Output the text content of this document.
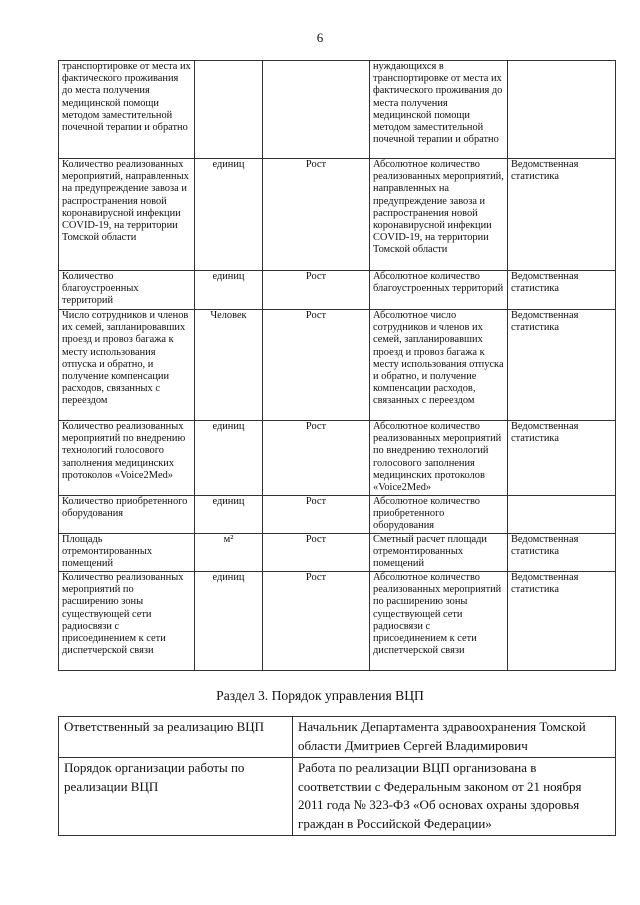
6
транспортировке от места их фактического проживания до места получения медицинской помощи методом заместительной почечной терапии и обратно			нуждающихся в транспортировке от места их фактического проживания до места получения медицинской помощи методом заместительной почечной терапии и обратно	
Количество реализованных мероприятий, направленных на предупреждение завоза и распространения новой коронавирусной инфекции COVID-19, на территории Томской области	единиц	Рост	Абсолютное количество реализованных мероприятий, направленных на предупреждение завоза и распространения новой коронавирусной инфекции COVID-19, на территории Томской области	Ведомственная статистика
Количество благоустроенных территорий	единиц	Рост	Абсолютное количество благоустроенных территорий	Ведомственная статистика
Число сотрудников и членов их семей, запланировавших проезд и провоз багажа к месту использования отпуска и обратно, и получение компенсации расходов, связанных с переездом	Человек	Рост	Абсолютное число сотрудников и членов их семей, запланировавших проезд и провоз багажа к месту использования отпуска и обратно, и получение компенсации расходов, связанных с переездом	Ведомственная статистика
Количество реализованных мероприятий по внедрению технологий голосового заполнения медицинских протоколов «Voice2Med»	единиц	Рост	Абсолютное количество реализованных мероприятий по внедрению технологий голосового заполнения медицинских протоколов «Voice2Med»	Ведомственная статистика
Количество приобретенного оборудования	единиц	Рост	Абсолютное количество приобретенного оборудования	
Площадь отремонтированных помещений	м²	Рост	Сметный расчет площади отремонтированных помещений	Ведомственная статистика
Количество реализованных мероприятий по расширению зоны существующей сети радиосвязи с присоединением к сети диспетчерской связи	единиц	Рост	Абсолютное количество реализованных мероприятий по расширению зоны существующей сети радиосвязи с присоединением к сети диспетчерской связи	Ведомственная статистика
Раздел 3. Порядок управления ВЦП
Ответственный за реализацию ВЦП	Начальник Департамента здравоохранения Томской области Дмитриев Сергей Владимирович
Порядок организации работы по реализации ВЦП	Работа по реализации ВЦП организована в соответствии с Федеральным законом от 21 ноября 2011 года № 323-ФЗ «Об основах охраны здоровья граждан в Российской Федерации»
